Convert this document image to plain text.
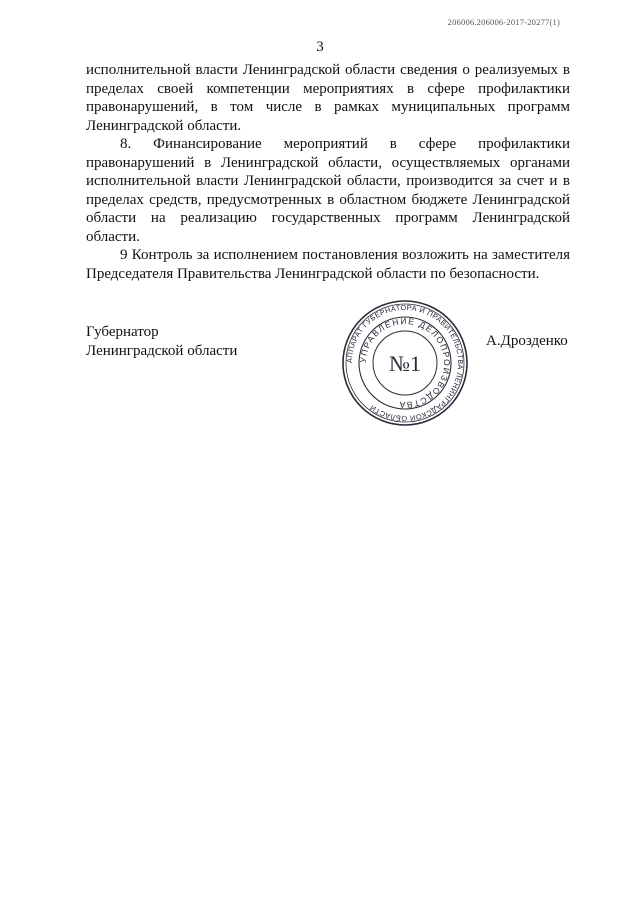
206006.206006-2017-20277(1)
3

исполнительной власти Ленинградской области сведения о реализуемых в пределах своей компетенции мероприятиях в сфере профилактики правонарушений, в том числе в рамках муниципальных программ Ленинградской области.

8. Финансирование мероприятий в сфере профилактики правонарушений в Ленинградской области, осуществляемых органами исполнительной власти Ленинградской области, производится за счет и в пределах средств, предусмотренных в областном бюджете Ленинградской области на реализацию государственных программ Ленинградской области.

9 Контроль за исполнением постановления возложить на заместителя Председателя Правительства Ленинградской области по безопасности.

Губернатор
Ленинградской области
А.Дрозденко
АППАРАТ ГУБЕРНАТОРА И ПРАВИТЕЛЬСТВА ЛЕНИНГРАДСКОЙ ОБЛАСТИ
УПРАВЛЕНИЕ ДЕЛОПРОИЗВОДСТВА
№1
